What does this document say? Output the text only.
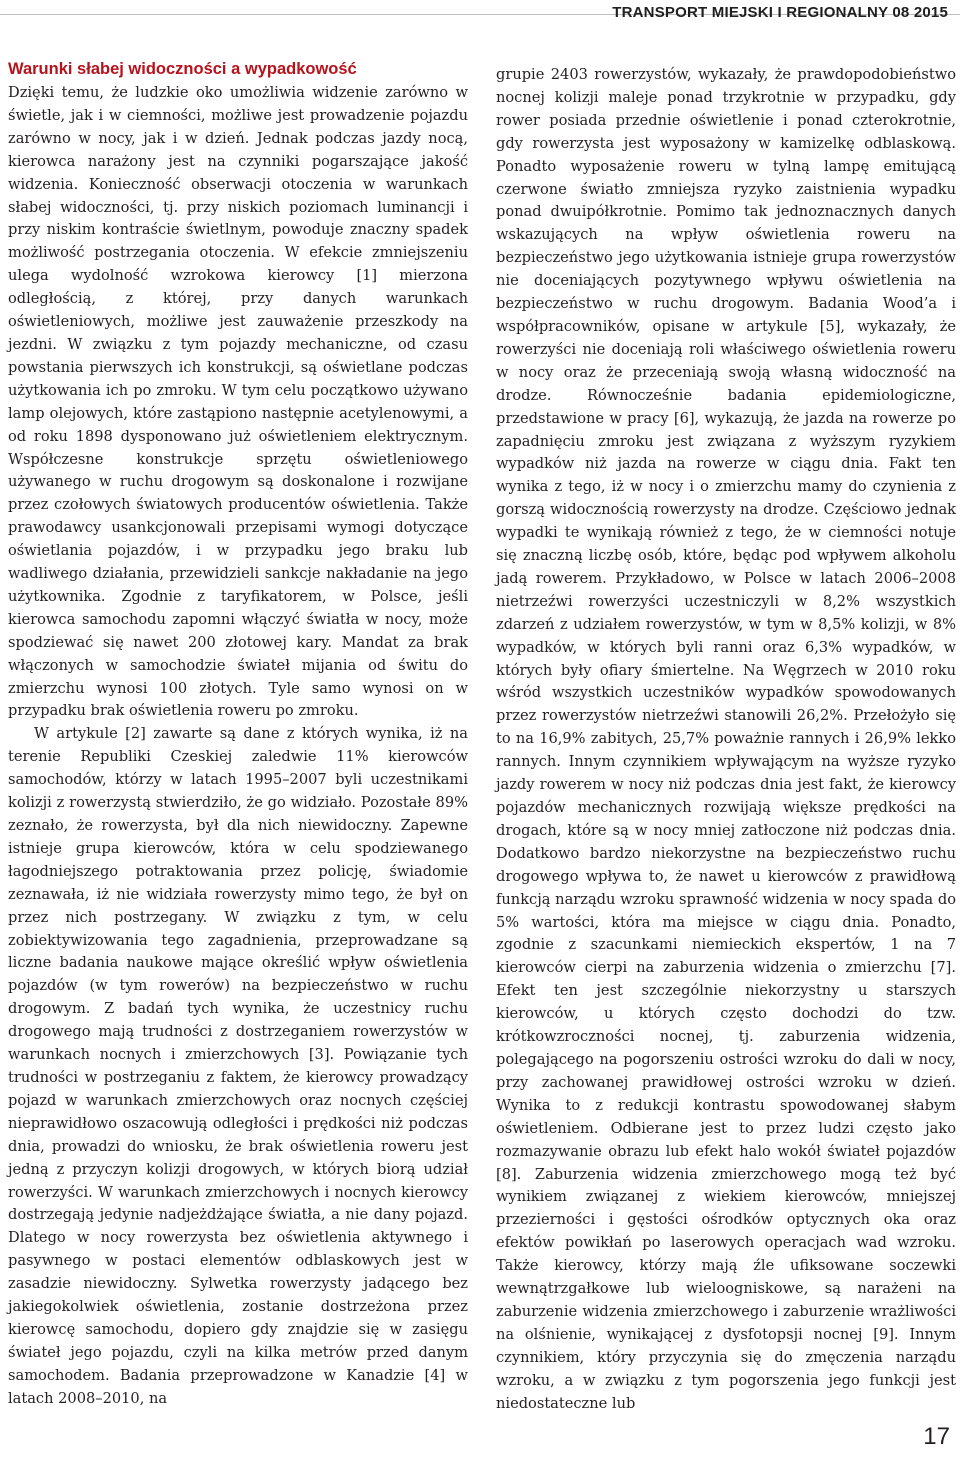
TRANSPORT MIEJSKI I REGIONALNY 08 2015
Warunki słabej widoczności a wypadkowość

Dzięki temu, że ludzkie oko umożliwia widzenie zarówno w świetle, jak i w ciemności, możliwe jest prowadzenie pojazdu zarówno w nocy, jak i w dzień. Jednak podczas jazdy nocą, kierowca narażony jest na czynniki pogarszające jakość widzenia. Konieczność obserwacji otoczenia w warunkach słabej widoczności, tj. przy niskich poziomach luminancji i przy niskim kontraście świetlnym, powoduje znaczny spadek możliwość postrzegania otoczenia. W efekcie zmniejszeniu ulega wydolność wzrokowa kierowcy [1] mierzona odległością, z której, przy danych warunkach oświetleniowych, możliwe jest zauważenie przeszkody na jezdni. W związku z tym pojazdy mechaniczne, od czasu powstania pierwszych ich konstrukcji, są oświetlane podczas użytkowania ich po zmroku. W tym celu początkowo używano lamp olejowych, które zastąpiono następnie acetylenowymi, a od roku 1898 dysponowano już oświetleniem elektrycznym. Współczesne konstrukcje sprzętu oświetleniowego używanego w ruchu drogowym są doskonalone i rozwijane przez czołowych światowych producentów oświetlenia. Także prawodawcy usankcjonowali przepisami wymogi dotyczące oświetlania pojazdów, i w przypadku jego braku lub wadliwego działania, przewidzieli sankcje nakładanie na jego użytkownika. Zgodnie z taryfikatorem, w Polsce, jeśli kierowca samochodu zapomni włączyć światła w nocy, może spodziewać się nawet 200 złotowej kary. Mandat za brak włączonych w samochodzie świateł mijania od świtu do zmierzchu wynosi 100 złotych. Tyle samo wynosi on w przypadku brak oświetlenia roweru po zmroku.

W artykule [2] zawarte są dane z których wynika, iż na terenie Republiki Czeskiej zaledwie 11% kierowców samochodów, którzy w latach 1995–2007 byli uczestnikami kolizji z rowerzystą stwierdziło, że go widziało. Pozostałe 89% zeznało, że rowerzysta, był dla nich niewidoczny. Zapewne istnieje grupa kierowców, która w celu spodziewanego łagodniejszego potraktowania przez policję, świadomie zeznawała, iż nie widziała rowerzysty mimo tego, że był on przez nich postrzegany. W związku z tym, w celu zobiektywizowania tego zagadnienia, przeprowadzane są liczne badania naukowe mające określić wpływ oświetlenia pojazdów (w tym rowerów) na bezpieczeństwo w ruchu drogowym. Z badań tych wynika, że uczestnicy ruchu drogowego mają trudności z dostrzeganiem rowerzystów w warunkach nocnych i zmierzchowych [3]. Powiązanie tych trudności w postrzeganiu z faktem, że kierowcy prowadzący pojazd w warunkach zmierzchowych oraz nocnych częściej nieprawidłowo oszacowują odległości i prędkości niż podczas dnia, prowadzi do wniosku, że brak oświetlenia roweru jest jedną z przyczyn kolizji drogowych, w których biorą udział rowerzyści. W warunkach zmierzchowych i nocnych kierowcy dostrzegają jedynie nadjeżdżające światła, a nie dany pojazd. Dlatego w nocy rowerzysta bez oświetlenia aktywnego i pasywnego w postaci elementów odblaskowych jest w zasadzie niewidoczny. Sylwetka rowerzysty jadącego bez jakiegokolwiek oświetlenia, zostanie dostrzeżona przez kierowcę samochodu, dopiero gdy znajdzie się w zasięgu świateł jego pojazdu, czyli na kilka metrów przed danym samochodem. Badania przeprowadzone w Kanadzie [4] w latach 2008–2010, na

grupie 2403 rowerzystów, wykazały, że prawdopodobieństwo nocnej kolizji maleje ponad trzykrotnie w przypadku, gdy rower posiada przednie oświetlenie i ponad czterokrotnie, gdy rowerzysta jest wyposażony w kamizelkę odblaskową. Ponadto wyposażenie roweru w tylną lampę emitującą czerwone światło zmniejsza ryzyko zaistnienia wypadku ponad dwuipółkrotnie. Pomimo tak jednoznacznych danych wskazujących na wpływ oświetlenia roweru na bezpieczeństwo jego użytkowania istnieje grupa rowerzystów nie doceniających pozytywnego wpływu oświetlenia na bezpieczeństwo w ruchu drogowym. Badania Wood’a i współpracowników, opisane w artykule [5], wykazały, że rowerzyści nie doceniają roli właściwego oświetlenia roweru w nocy oraz że przeceniają swoją własną widoczność na drodze. Równocześnie badania epidemiologiczne, przedstawione w pracy [6], wykazują, że jazda na rowerze po zapadnięciu zmroku jest związana z wyższym ryzykiem wypadków niż jazda na rowerze w ciągu dnia. Fakt ten wynika z tego, iż w nocy i o zmierzchu mamy do czynienia z gorszą widocznością rowerzysty na drodze. Częściowo jednak wypadki te wynikają również z tego, że w ciemności notuje się znaczną liczbę osób, które, będąc pod wpływem alkoholu jadą rowerem. Przykładowo, w Polsce w latach 2006–2008 nietrzeźwi rowerzyści uczestniczyli w 8,2% wszystkich zdarzeń z udziałem rowerzystów, w tym w 8,5% kolizji, w 8% wypadków, w których byli ranni oraz 6,3% wypadków, w których były ofiary śmiertelne. Na Węgrzech w 2010 roku wśród wszystkich uczestników wypadków spowodowanych przez rowerzystów nietrzeźwi stanowili 26,2%. Przełożyło się to na 16,9% zabitych, 25,7% poważnie rannych i 26,9% lekko rannych. Innym czynnikiem wpływającym na wyższe ryzyko jazdy rowerem w nocy niż podczas dnia jest fakt, że kierowcy pojazdów mechanicznych rozwijają większe prędkości na drogach, które są w nocy mniej zatłoczone niż podczas dnia. Dodatkowo bardzo niekorzystne na bezpieczeństwo ruchu drogowego wpływa to, że nawet u kierowców z prawidłową funkcją narządu wzroku sprawność widzenia w nocy spada do 5% wartości, która ma miejsce w ciągu dnia. Ponadto, zgodnie z szacunkami niemieckich ekspertów, 1 na 7 kierowców cierpi na zaburzenia widzenia o zmierzchu [7]. Efekt ten jest szczególnie niekorzystny u starszych kierowców, u których często dochodzi do tzw. krótkowzroczności nocnej, tj. zaburzenia widzenia, polegającego na pogorszeniu ostrości wzroku do dali w nocy, przy zachowanej prawidłowej ostrości wzroku w dzień. Wynika to z redukcji kontrastu spowodowanej słabym oświetleniem. Odbierane jest to przez ludzi często jako rozmazywanie obrazu lub efekt halo wokół świateł pojazdów [8]. Zaburzenia widzenia zmierzchowego mogą też być wynikiem związanej z wiekiem kierowców, mniejszej przezierności i gęstości ośrodków optycznych oka oraz efektów powikłań po laserowych operacjach wad wzroku. Także kierowcy, którzy mają źle ufiksowane soczewki wewnątrzgałkowe lub wieloogniskowe, są narażeni na zaburzenie widzenia zmierzchowego i zaburzenie wrażliwości na olśnienie, wynikającej z dysfotopsji nocnej [9]. Innym czynnikiem, który przyczynia się do zmęczenia narządu wzroku, a w związku z tym pogorszenia jego funkcji jest niedostateczne lub

17
